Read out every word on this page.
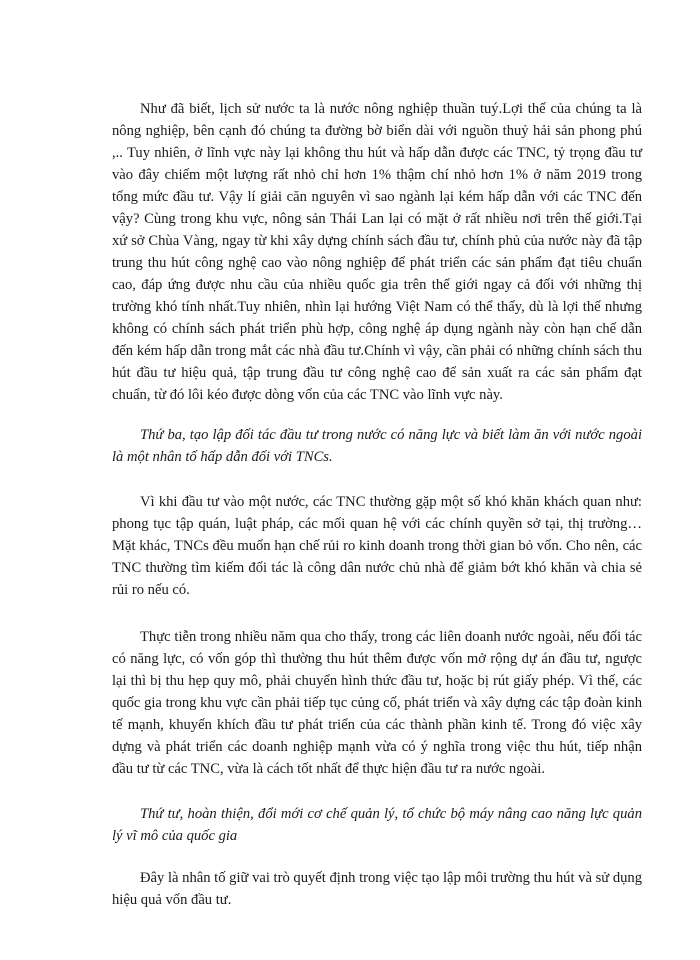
Như đã biết, lịch sử nước ta là nước nông nghiệp thuần tuý.Lợi thế của chúng ta là nông nghiệp, bên cạnh đó chúng ta đường bờ biển dài với nguồn thuỷ hải sản phong phú ,.. Tuy nhiên, ở lĩnh vực này lại không thu hút và hấp dẫn được các TNC, tỷ trọng đầu tư vào đây chiếm một lượng rất nhỏ chỉ hơn 1% thậm chí nhỏ hơn 1% ở năm 2019 trong tổng mức đầu tư. Vậy lí giải căn nguyên vì sao ngành lại kém hấp dẫn với các TNC đến vậy? Cùng trong khu vực, nông sản Thái Lan lại có mặt ở rất nhiều nơi trên thế giới.Tại xứ sở Chùa Vàng, ngay từ khi xây dựng chính sách đầu tư, chính phủ của nước này đã tập trung thu hút công nghệ cao vào nông nghiệp để phát triển các sản phẩm đạt tiêu chuẩn cao, đáp ứng được nhu cầu của nhiều quốc gia trên thế giới ngay cả đối với những thị trường khó tính nhất.Tuy nhiên, nhìn lại hướng Việt Nam có thể thấy, dù là lợi thế nhưng không có chính sách phát triển phù hợp, công nghệ áp dụng ngành này còn hạn chế dẫn đến kém hấp dẫn trong mắt các nhà đầu tư.Chính vì vậy, cần phải có những chính sách thu hút đầu tư hiệu quả, tập trung đầu tư công nghệ cao để sản xuất ra các sản phẩm đạt chuẩn, từ đó lôi kéo được dòng vốn của các TNC vào lĩnh vực này.

Thứ ba, tạo lập đối tác đầu tư trong nước có năng lực và biết làm ăn với nước ngoài là một nhân tố hấp dẫn đối với TNCs.

Vì khi đầu tư vào một nước, các TNC thường gặp một số khó khăn khách quan như: phong tục tập quán, luật pháp, các mối quan hệ với các chính quyền sở tại, thị trường… Mặt khác, TNCs đều muốn hạn chế rủi ro kinh doanh trong thời gian bỏ vốn. Cho nên, các TNC thường tìm kiếm đối tác là công dân nước chủ nhà để giảm bớt khó khăn và chia sẻ rủi ro nếu có.

Thực tiễn trong nhiều năm qua cho thấy, trong các liên doanh nước ngoài, nếu đối tác có năng lực, có vốn góp thì thường thu hút thêm được vốn mở rộng dự án đầu tư, ngược lại thì bị thu hẹp quy mô, phải chuyển hình thức đầu tư, hoặc bị rút giấy phép. Vì thế, các quốc gia trong khu vực cần phải tiếp tục củng cố, phát triển và xây dựng các tập đoàn kinh tế mạnh, khuyến khích đầu tư phát triển của các thành phần kinh tế. Trong đó việc xây dựng và phát triển các doanh nghiệp mạnh vừa có ý nghĩa trong việc thu hút, tiếp nhận đầu tư từ các TNC, vừa là cách tốt nhất để thực hiện đầu tư ra nước ngoài.

Thứ tư, hoàn thiện, đổi mới cơ chế quản lý, tổ chức bộ máy nâng cao năng lực quản lý vĩ mô của quốc gia

Đây là nhân tố giữ vai trò quyết định trong việc tạo lập môi trường thu hút và sử dụng hiệu quả vốn đầu tư.
